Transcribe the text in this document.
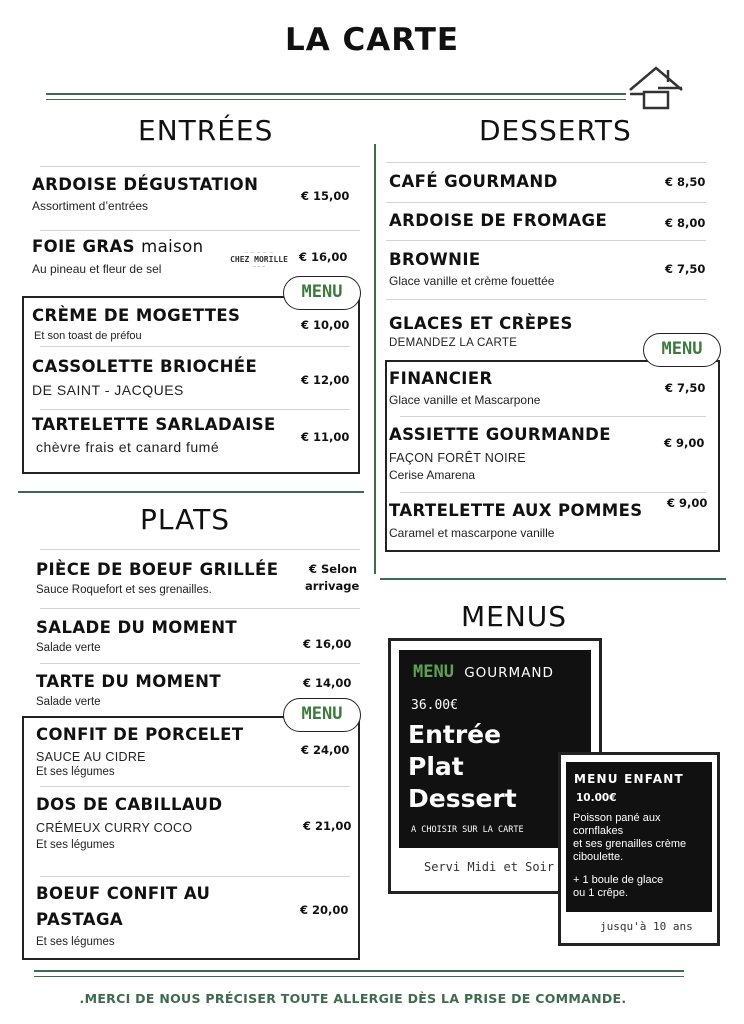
LA CARTE
ENTRÉES
ARDOISE DÉGUSTATION
Assortiment d’entrées
€ 15,00
FOIE GRAS maison
Au pineau et fleur de sel
— — — — —
CHEZ MORILLE
~ ~ ~
€ 16,00
MENU
CRÈME DE MOGETTES
Et son toast de préfou
€ 10,00
CASSOLETTE BRIOCHÉE
DE SAINT - JACQUES
€ 12,00
TARTELETTE SARLADAISE
chèvre frais et canard fumé
€ 11,00
PLATS
PIÈCE DE BOEUF GRILLÉE
Sauce Roquefort et ses grenailles.
€ Selon
arrivage
SALADE DU MOMENT
Salade verte	€ 16,00
TARTE DU MOMENT
Salade verte
€ 14,00
MENU
CONFIT DE PORCELET
SAUCE AU CIDRE
Et ses légumes
€ 24,00
DOS DE CABILLAUD
CRÉMEUX CURRY COCO
Et ses légumes
€ 21,00
BOEUF CONFIT AU
PASTAGA
Et ses légumes
€ 20,00
DESSERTS
CAFÉ GOURMAND	€ 8,50
ARDOISE DE FROMAGE	€ 8,00
BROWNIE
Glace vanille et crème fouettée
€ 7,50
GLACES ET CRÈPES
DEMANDEZ LA CARTE	MENU
FINANCIER
Glace vanille et Mascarpone
€ 7,50
ASSIETTE GOURMANDE
FAÇON FORÊT NOIRE
Cerise Amarena
€ 9,00
TARTELETTE AUX POMMES
Caramel et mascarpone vanille
€ 9,00
MENUS
MENU GOURMAND
36.00€
Entrée
Plat
Dessert
A CHOISIR SUR LA CARTE
Servi Midi et Soir
MENU ENFANT
10.00€
Poisson pané aux
cornflakes
et ses grenailles crème
ciboulette.
+ 1 boule de glace
ou 1 crêpe.
jusqu'à 10 ans
.MERCI DE NOUS PRÉCISER TOUTE ALLERGIE DÈS LA PRISE DE COMMANDE.
